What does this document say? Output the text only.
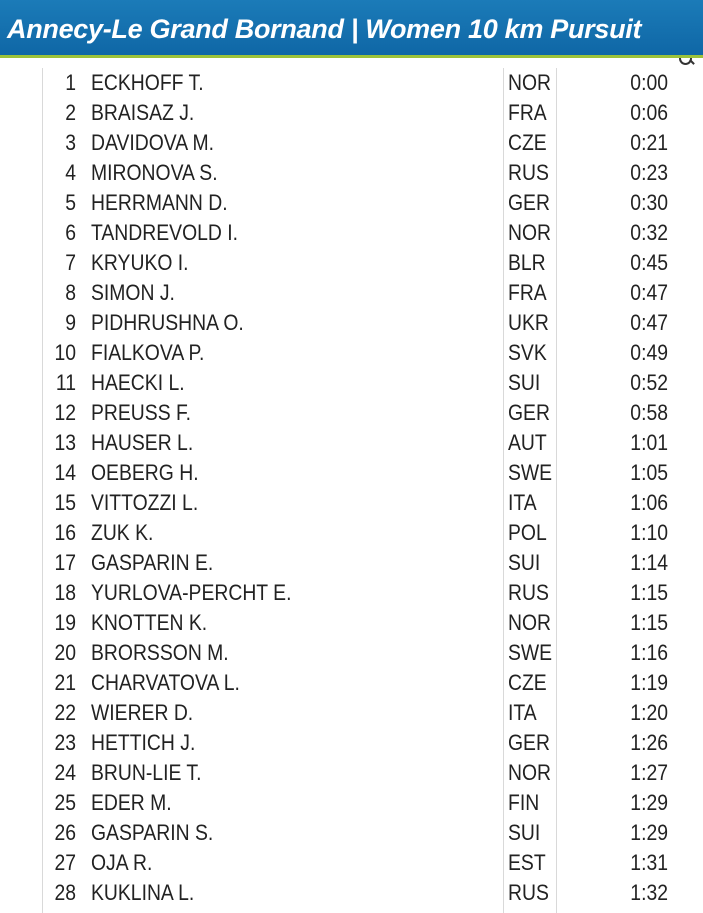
Annecy-Le Grand Bornand | Women 10 km Pursuit
1 ECKHOFF T.	NOR	0:00
2 BRAISAZ J.	FRA	0:06
3 DAVIDOVA M.	CZE	0:21
4 MIRONOVA S.	RUS	0:23
5 HERRMANN D.	GER	0:30
6 TANDREVOLD I.	NOR	0:32
7 KRYUKO I.	BLR	0:45
8 SIMON J.	FRA	0:47
9 PIDHRUSHNA O.	UKR	0:47
10 FIALKOVA P.	SVK	0:49
11 HAECKI L.	SUI	0:52
12 PREUSS F.	GER	0:58
13 HAUSER L.	AUT	1:01
14 OEBERG H.	SWE	1:05
15 VITTOZZI L.	ITA	1:06
16 ZUK K.	POL	1:10
17 GASPARIN E.	SUI	1:14
18 YURLOVA-PERCHT E.	RUS	1:15
19 KNOTTEN K.	NOR	1:15
20 BRORSSON M.	SWE	1:16
21 CHARVATOVA L.	CZE	1:19
22 WIERER D.	ITA	1:20
23 HETTICH J.	GER	1:26
24 BRUN-LIE T.	NOR	1:27
25 EDER M.	FIN	1:29
26 GASPARIN S.	SUI	1:29
27 OJA R.	EST	1:31
28 KUKLINA L.	RUS	1:32
